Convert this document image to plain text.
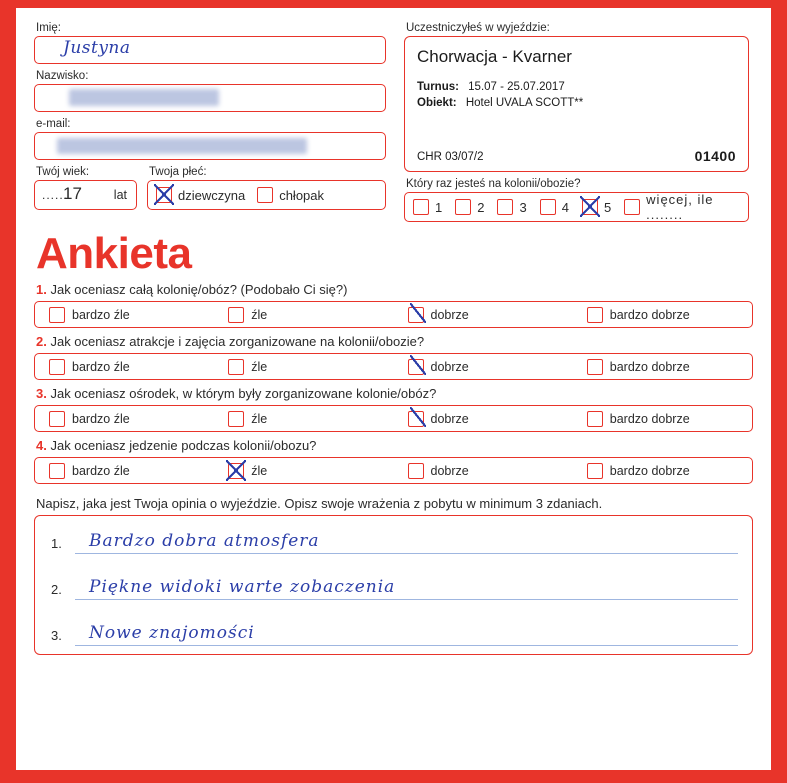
Imię:
Justyna
Nazwisko:
e-mail:
Twój wiek:
......
17	lat
Twoja płeć:
dziewczyna	chłopak
Uczestniczyłeś w wyjeździe:
Chorwacja - Kvarner
Turnus: 15.07 - 25.07.2017
Obiekt: Hotel UVALA SCOTT**
CHR 03/07/2	01400
Który raz jesteś na kolonii/obozie?
1	2	3	4	5	więcej, ile ........
Ankieta
1. Jak oceniasz całą kolonię/obóz? (Podobało Ci się?)
bardzo źle	źle	dobrze	bardzo dobrze
2. Jak oceniasz atrakcje i zajęcia zorganizowane na kolonii/obozie?
bardzo źle	źle	dobrze	bardzo dobrze
3. Jak oceniasz ośrodek, w którym były zorganizowane kolonie/obóz?
bardzo źle	źle	dobrze	bardzo dobrze
4. Jak oceniasz jedzenie podczas kolonii/obozu?
bardzo źle	źle	dobrze	bardzo dobrze
Napisz, jaka jest Twoja opinia o wyjeździe. Opisz swoje wrażenia z pobytu w minimum 3 zdaniach.
1. Bardzo dobra atmosfera
2. Piękne widoki warte zobaczenia
3. Nowe znajomości
